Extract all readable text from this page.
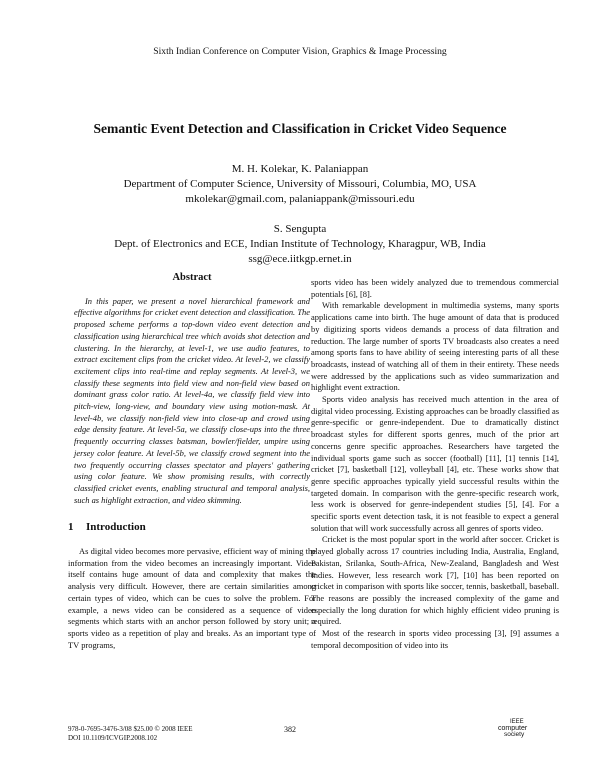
Sixth Indian Conference on Computer Vision, Graphics & Image Processing
Semantic Event Detection and Classification in Cricket Video Sequence
M. H. Kolekar, K. Palaniappan
Department of Computer Science, University of Missouri, Columbia, MO, USA
mkolekar@gmail.com, palaniappank@missouri.edu
S. Sengupta
Dept. of Electronics and ECE, Indian Institute of Technology, Kharagpur, WB, India
ssg@ece.iitkgp.ernet.in
Abstract

In this paper, we present a novel hierarchical framework and effective algorithms for cricket event detection and classification. The proposed scheme performs a top-down video event detection and classification using hierarchical tree which avoids shot detection and clustering. In the hierarchy, at level-1, we use audio features, to extract excitement clips from the cricket video. At level-2, we classify excitement clips into real-time and replay segments. At level-3, we classify these segments into field view and non-field view based on dominant grass color ratio. At level-4a, we classify field view into pitch-view, long-view, and boundary view using motion-mask. At level-4b, we classify non-field view into close-up and crowd using edge density feature. At level-5a, we classify close-ups into the three frequently occurring classes batsman, bowler/fielder, umpire using jersey color feature. At level-5b, we classify crowd segment into the two frequently occurring classes spectator and players' gathering using color feature. We show promising results, with correctly classified cricket events, enabling structural and temporal analysis, such as highlight extraction, and video skimming.

1 Introduction

As digital video becomes more pervasive, efficient way of mining the information from the video becomes an increasingly important. Video itself contains huge amount of data and complexity that makes the analysis very difficult. However, there are certain similarities among certain types of video, which can be cues to solve the problem. For example, a news video can be considered as a sequence of video segments which starts with an anchor person followed by story unit; a sports video as a repetition of play and breaks. As an important type of TV programs,

sports video has been widely analyzed due to tremendous commercial potentials [6], [8].

With remarkable development in multimedia systems, many sports applications came into birth. The huge amount of data that is produced by digitizing sports videos demands a process of data filtration and reduction. The large number of sports TV broadcasts also creates a need among sports fans to have ability of seeing interesting parts of all these broadcasts, instead of watching all of them in their entirety. These needs were addressed by the applications such as video summarization and highlight event extraction.

Sports video analysis has received much attention in the area of digital video processing. Existing approaches can be broadly classified as genre-specific or genre-independent. Due to dramatically distinct broadcast styles for different sports genres, much of the prior art concerns genre specific approaches. Researchers have targeted the individual sports game such as soccer (football) [11], [1] tennis [14], cricket [7], basketball [12], volleyball [4], etc. These works show that genre specific approaches typically yield successful results within the targeted domain. In comparison with the genre-specific research work, less work is observed for genre-independent studies [5], [4]. For a specific sports event detection task, it is not feasible to expect a general solution that will work successfully across all genres of sports video.

Cricket is the most popular sport in the world after soccer. Cricket is played globally across 17 countries including India, Australia, England, Pakistan, Srilanka, South-Africa, New-Zealand, Bangladesh and West Indies. However, less research work [7], [10] has been reported on cricket in comparison with sports like soccer, tennis, basketball, baseball. The reasons are possibly the increased complexity of the game and especially the long duration for which highly efficient video pruning is required.

Most of the research in sports video processing [3], [9] assumes a temporal decomposition of video into its

978-0-7695-3476-3/08 $25.00 © 2008 IEEE
DOI 10.1109/ICVGIP.2008.102
382
IEEE
computer
society
